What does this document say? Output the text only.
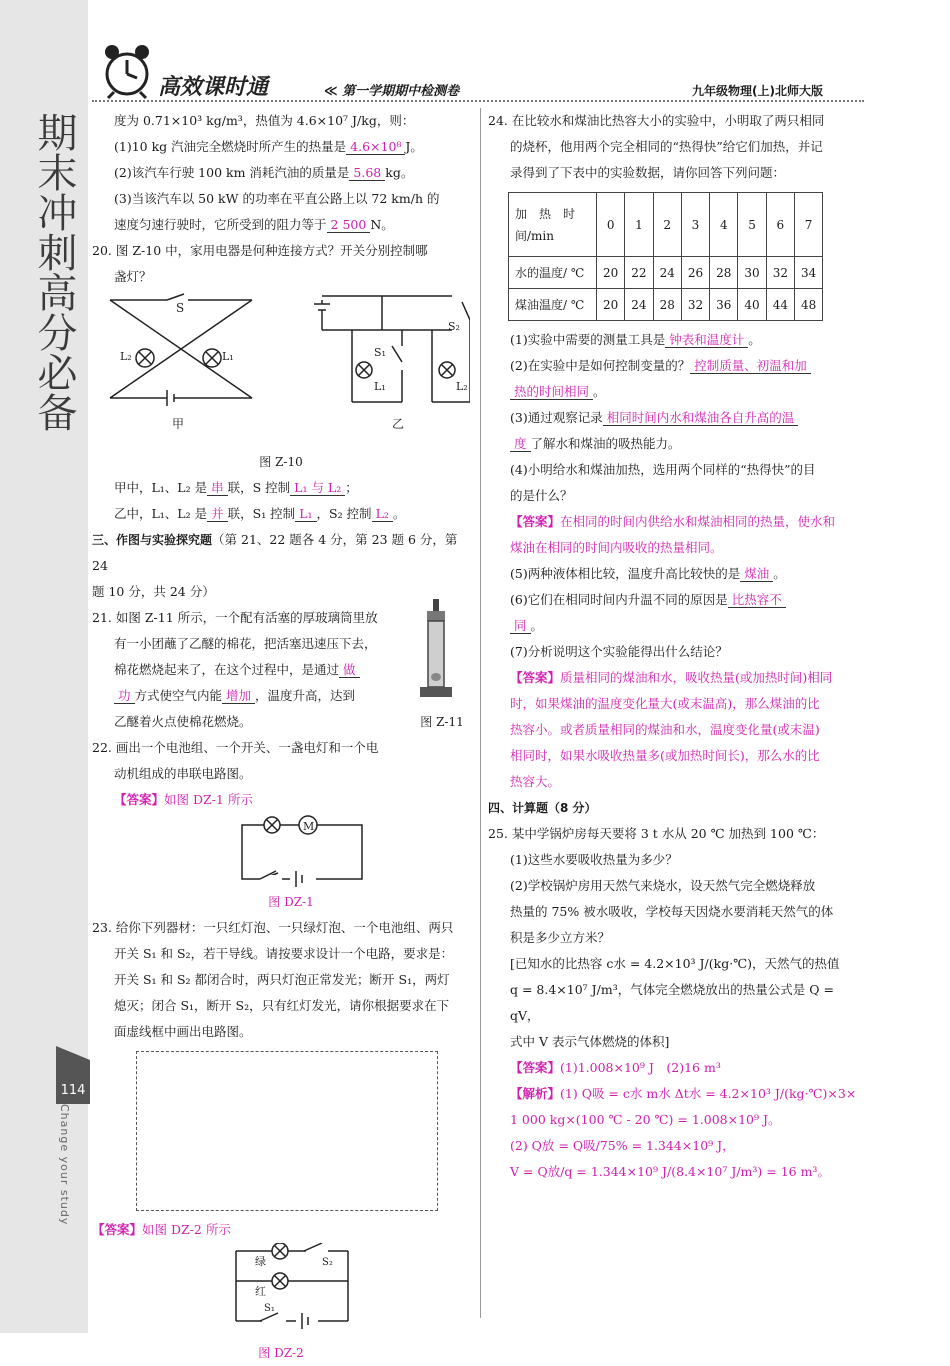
期末冲刺高分必备
114
Change your study
高效课时通	≪ 第一学期期中检测卷	九年级物理(上)北师大版

度为 0.71×10³ kg/m³，热值为 4.6×10⁷ J/kg，则：

(1)10 kg 汽油完全燃烧时所产生的热量是 4.6×10⁸ J。

(2)该汽车行驶 100 km 消耗汽油的质量是 5.68 kg。

(3)当该汽车以 50 kW 的功率在平直公路上以 72 km/h 的

速度匀速行驶时，它所受到的阻力等于 2 500 N。

20. 图 Z-10 中，家用电器是何种连接方式？开关分别控制哪

盏灯？

S
L₂	L₁	S₁
S₂
L₁	L₂
甲	乙

图 Z-10

甲中，L₁、L₂ 是 串 联，S 控制 L₁ 与 L₂ ；

乙中，L₁、L₂ 是 并 联，S₁ 控制 L₁ ，S₂ 控制 L₂ 。

三、作图与实验探究题（第 21、22 题各 4 分，第 23 题 6 分，第 24

题 10 分，共 24 分）

21. 如图 Z-11 所示，一个配有活塞的厚玻璃筒里放

有一小团蘸了乙醚的棉花，把活塞迅速压下去，

棉花燃烧起来了，在这个过程中，是通过 做

功 方式使空气内能 增加 ，温度升高，达到

乙醚着火点使棉花燃烧。	图 Z-11

22. 画出一个电池组、一个开关、一盏电灯和一个电

动机组成的串联电路图。

【答案】如图 DZ-1 所示

M

图 DZ-1

23. 给你下列器材：一只红灯泡、一只绿灯泡、一个电池组、两只

开关 S₁ 和 S₂，若干导线。请按要求设计一个电路，要求是：

开关 S₁ 和 S₂ 都闭合时，两只灯泡正常发光；断开 S₁，两灯

熄灭；闭合 S₁，断开 S₂，只有红灯发光，请你根据要求在下

面虚线框中画出电路图。

【答案】如图 DZ-2 所示

绿
红
S₂
S₁

图 DZ-2

24. 在比较水和煤油比热容大小的实验中，小明取了两只相同

的烧杯，他用两个完全相同的“热得快”给它们加热，并记

录得到了下表中的实验数据，请你回答下列问题：

加　热　时间/min	0	1	2	3	4	5	6	7
水的温度/ ℃	20	22	24	26	28	30	32	34
煤油温度/ ℃	20	24	28	32	36	40	44	48

(1)实验中需要的测量工具是 钟表和温度计 。

(2)在实验中是如何控制变量的？ 控制质量、初温和加

热的时间相同 。

(3)通过观察记录 相同时间内水和煤油各自升高的温

度 了解水和煤油的吸热能力。

(4)小明给水和煤油加热，选用两个同样的“热得快”的目

的是什么？

【答案】在相同的时间内供给水和煤油相同的热量，使水和

煤油在相同的时间内吸收的热量相同。

(5)两种液体相比较，温度升高比较快的是 煤油 。

(6)它们在相同时间内升温不同的原因是 比热容不

同 。

(7)分析说明这个实验能得出什么结论？

【答案】质量相同的煤油和水，吸收热量(或加热时间)相同

时，如果煤油的温度变化量大(或末温高)，那么煤油的比

热容小。或者质量相同的煤油和水，温度变化量(或末温)

相同时，如果水吸收热量多(或加热时间长)，那么水的比

热容大。

四、计算题（8 分）

25. 某中学锅炉房每天要将 3 t 水从 20 ℃ 加热到 100 ℃：

(1)这些水要吸收热量为多少？

(2)学校锅炉房用天然气来烧水，设天然气完全燃烧释放

热量的 75% 被水吸收，学校每天因烧水要消耗天然气的体

积是多少立方米？

[已知水的比热容 c水 = 4.2×10³ J/(kg·℃)，天然气的热值

q = 8.4×10⁷ J/m³，气体完全燃烧放出的热量公式是 Q = qV，

式中 V 表示气体燃烧的体积]

【答案】(1)1.008×10⁹ J　(2)16 m³

【解析】(1) Q吸 = c水 m水 Δt水 = 4.2×10³ J/(kg·℃)×3×

1 000 kg×(100 ℃ - 20 ℃) = 1.008×10⁹ J。

(2) Q放 = Q吸/75% = 1.344×10⁹ J，

V = Q放/q = 1.344×10⁹ J/(8.4×10⁷ J/m³) = 16 m³。
